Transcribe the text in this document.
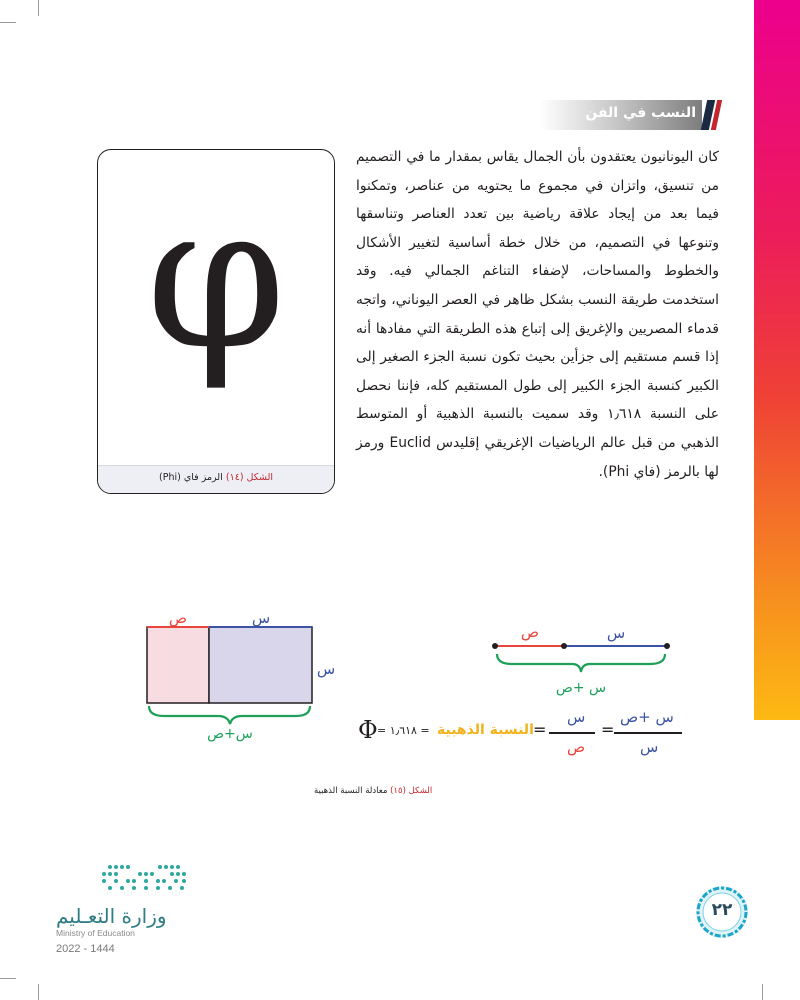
النسب في الفن
φ
الشكل (١٤) الرمز فاي (Phi)

كان اليونانيون يعتقدون بأن الجمال يقاس بمقدار ما في التصميم من تنسيق، واتزان في مجموع ما يحتويه من عناصر، وتمكنوا فيما بعد من إيجاد علاقة رياضية بين تعدد العناصر وتناسقها وتنوعها في التصميم، من خلال خطة أساسية لتغيير الأشكال والخطوط والمساحات، لإضفاء التناغم الجمالي فيه. وقد استخدمت طريقة النسب بشكل ظاهر في العصر اليوناني، واتجه قدماء المصريين والإغريق إلى إتباع هذه الطريقة التي مفادها أنه إذا قسم مستقيم إلى جزأين بحيث تكون نسبة الجزء الصغير إلى الكبير كنسبة الجزء الكبير إلى طول المستقيم كله، فإننا نحصل على النسبة ١٫٦١٨ وقد سميت بالنسبة الذهبية أو المتوسط الذهبي من قبل عالم الرياضيات الإغريقي إقليدس Euclid ورمز لها بالرمز (فاي Phi).

ص	س
س
س+ص
ص	س
س +ص
Φ = ١٫٦١٨ = النسبة الذهبية =
س
ص
=
س +ص
س
الشكل (١٥) معادلة النسبة الذهبية
وزارة التعـليم
Ministry of Education
2022 - 1444
٢٢
